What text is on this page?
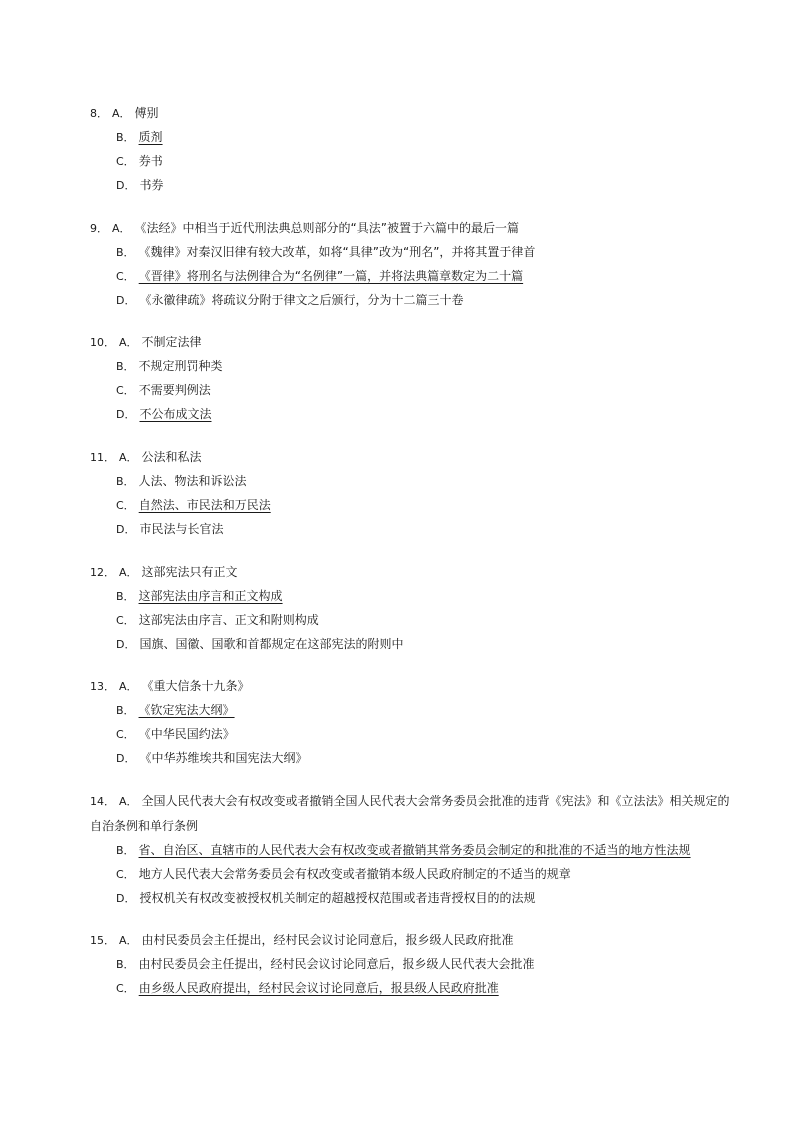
8． A． 傅别
B． 质剂
C． 券书
D． 书券
9． A． 《法经》中相当于近代刑法典总则部分的“具法”被置于六篇中的最后一篇
B． 《魏律》对秦汉旧律有较大改革，如将“具律”改为“刑名”，并将其置于律首
C． 《晋律》将刑名与法例律合为“名例律”一篇，并将法典篇章数定为二十篇
D． 《永徽律疏》将疏议分附于律文之后颁行，分为十二篇三十卷
10． A． 不制定法律
B． 不规定刑罚种类
C． 不需要判例法
D． 不公布成文法
11． A． 公法和私法
B． 人法、物法和诉讼法
C． 自然法、市民法和万民法
D． 市民法与长官法
12． A． 这部宪法只有正文
B． 这部宪法由序言和正文构成
C． 这部宪法由序言、正文和附则构成
D． 国旗、国徽、国歌和首都规定在这部宪法的附则中
13． A． 《重大信条十九条》
B． 《钦定宪法大纲》
C． 《中华民国约法》
D． 《中华苏维埃共和国宪法大纲》
14． A． 全国人民代表大会有权改变或者撤销全国人民代表大会常务委员会批准的违背《宪法》和《立法法》相关规定的自治条例和单行条例
B． 省、自治区、直辖市的人民代表大会有权改变或者撤销其常务委员会制定的和批准的不适当的地方性法规
C． 地方人民代表大会常务委员会有权改变或者撤销本级人民政府制定的不适当的规章
D． 授权机关有权改变被授权机关制定的超越授权范围或者违背授权目的的法规
15． A． 由村民委员会主任提出，经村民会议讨论同意后，报乡级人民政府批准
B． 由村民委员会主任提出，经村民会议讨论同意后，报乡级人民代表大会批准
C． 由乡级人民政府提出，经村民会议讨论同意后，报县级人民政府批准
